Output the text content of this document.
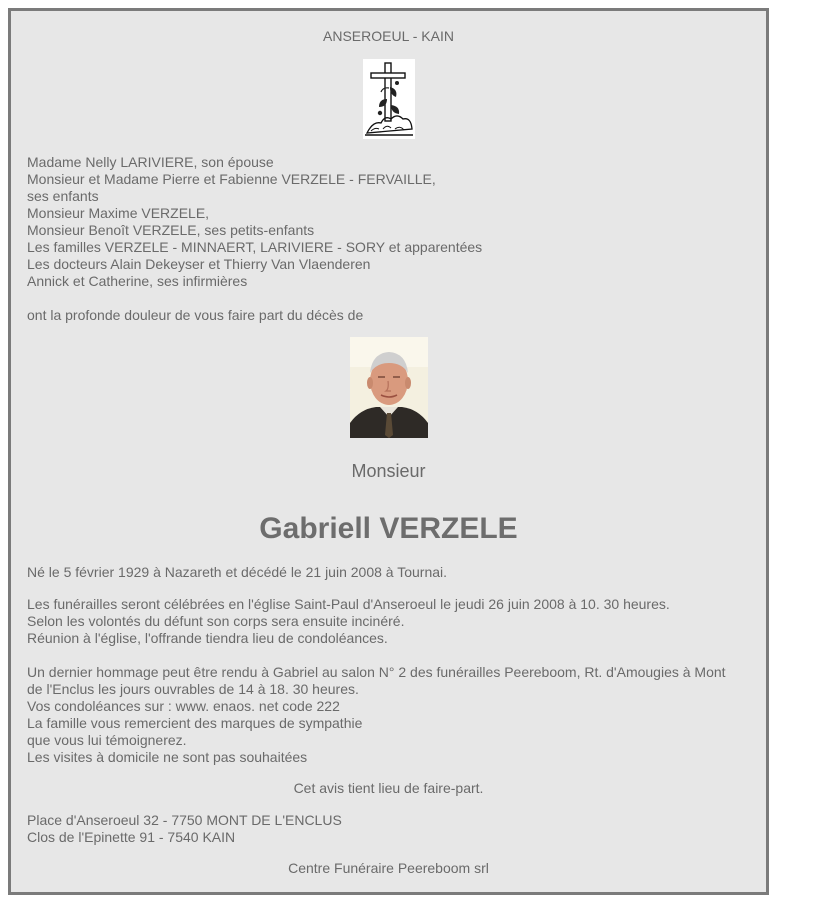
ANSEROEUL - KAIN
Madame Nelly LARIVIERE, son épouse
Monsieur et Madame Pierre et Fabienne VERZELE - FERVAILLE,
ses enfants
Monsieur Maxime VERZELE,
Monsieur Benoît VERZELE, ses petits-enfants
Les familles VERZELE - MINNAERT, LARIVIERE - SORY et apparentées
Les docteurs Alain Dekeyser et Thierry Van Vlaenderen
Annick et Catherine, ses infirmières
ont la profonde douleur de vous faire part du décès de
Monsieur
Gabriell VERZELE
Né le 5 février 1929 à Nazareth et décédé le 21 juin 2008 à Tournai.
Les funérailles seront célébrées en l'église Saint-Paul d'Anseroeul le jeudi 26 juin 2008 à 10. 30 heures.
Selon les volontés du défunt son corps sera ensuite incinéré.
Réunion à l'église, l'offrande tiendra lieu de condoléances.
Un dernier hommage peut être rendu à Gabriel au salon N° 2 des funérailles Peereboom, Rt. d'Amougies à Mont
de l'Enclus les jours ouvrables de 14 à 18. 30 heures.
Vos condoléances sur : www. enaos. net code 222
La famille vous remercient des marques de sympathie
que vous lui témoignerez.
Les visites à domicile ne sont pas souhaitées
Cet avis tient lieu de faire-part.
Place d'Anseroeul 32 - 7750 MONT DE L'ENCLUS
Clos de l'Epinette 91 - 7540 KAIN
Centre Funéraire Peereboom srl
